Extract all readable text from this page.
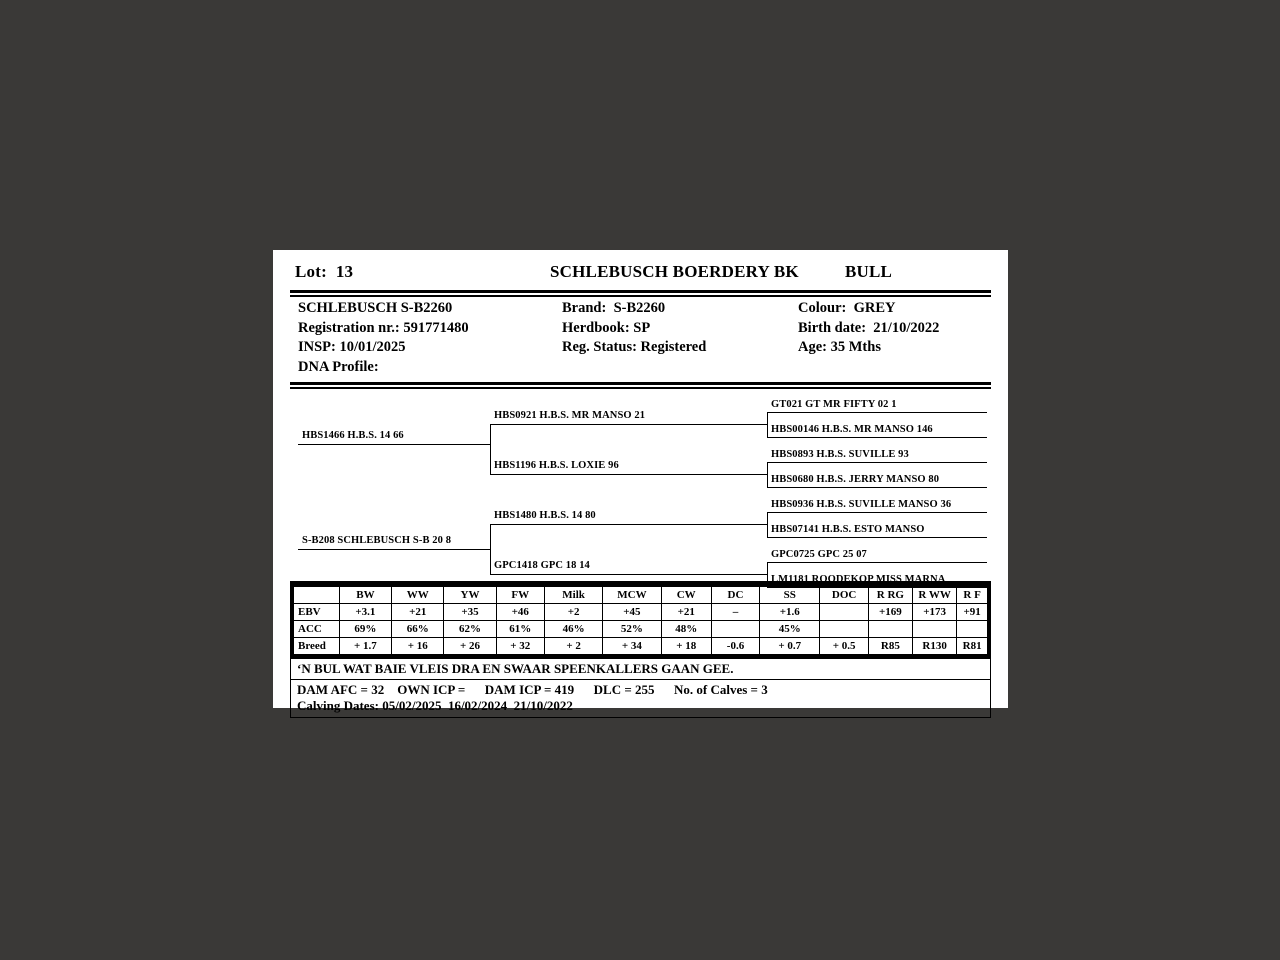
Lot:  13	SCHLEBUSCH BOERDERY BK	BULL
SCHLEBUSCH S-B2260	Brand:  S-B2260	Colour:  GREY
Registration nr.: 591771480	Herdbook: SP	Birth date:  21/10/2022
INSP: 10/01/2025	Reg. Status: Registered	Age: 35 Mths
DNA Profile:
HBS1466 H.B.S. 14 66
S-B208 SCHLEBUSCH S-B 20 8
HBS0921 H.B.S. MR MANSO 21
HBS1196 H.B.S. LOXIE 96
HBS1480 H.B.S. 14 80
GPC1418 GPC 18 14
GT021 GT MR FIFTY 02 1
HBS00146 H.B.S. MR MANSO 146
HBS0893 H.B.S. SUVILLE 93
HBS0680 H.B.S. JERRY MANSO 80
HBS0936 H.B.S. SUVILLE MANSO 36
HBS07141 H.B.S. ESTO MANSO
GPC0725 GPC 25 07
LM1181 ROODEKOP MISS MARNA
	BW	WW	YW	FW	Milk	MCW	CW	DC	SS	DOC	R RG	R WW	R F
EBV	+3.1	+21	+35	+46	+2	+45	+21	–	+1.6		+169	+173	+91
ACC	69%	66%	62%	61%	46%	52%	48%		45%				
Breed	+ 1.7	+ 16	+ 26	+ 32	+ 2	+ 34	+ 18	-0.6	+ 0.7	+ 0.5	R85	R130	R81
‘N BUL WAT BAIE VLEIS DRA EN SWAAR SPEENKALLERS GAAN GEE.
DAM AFC = 32    OWN ICP =      DAM ICP = 419      DLC = 255      No. of Calves = 3
Calving Dates: 05/02/2025  16/02/2024  21/10/2022
